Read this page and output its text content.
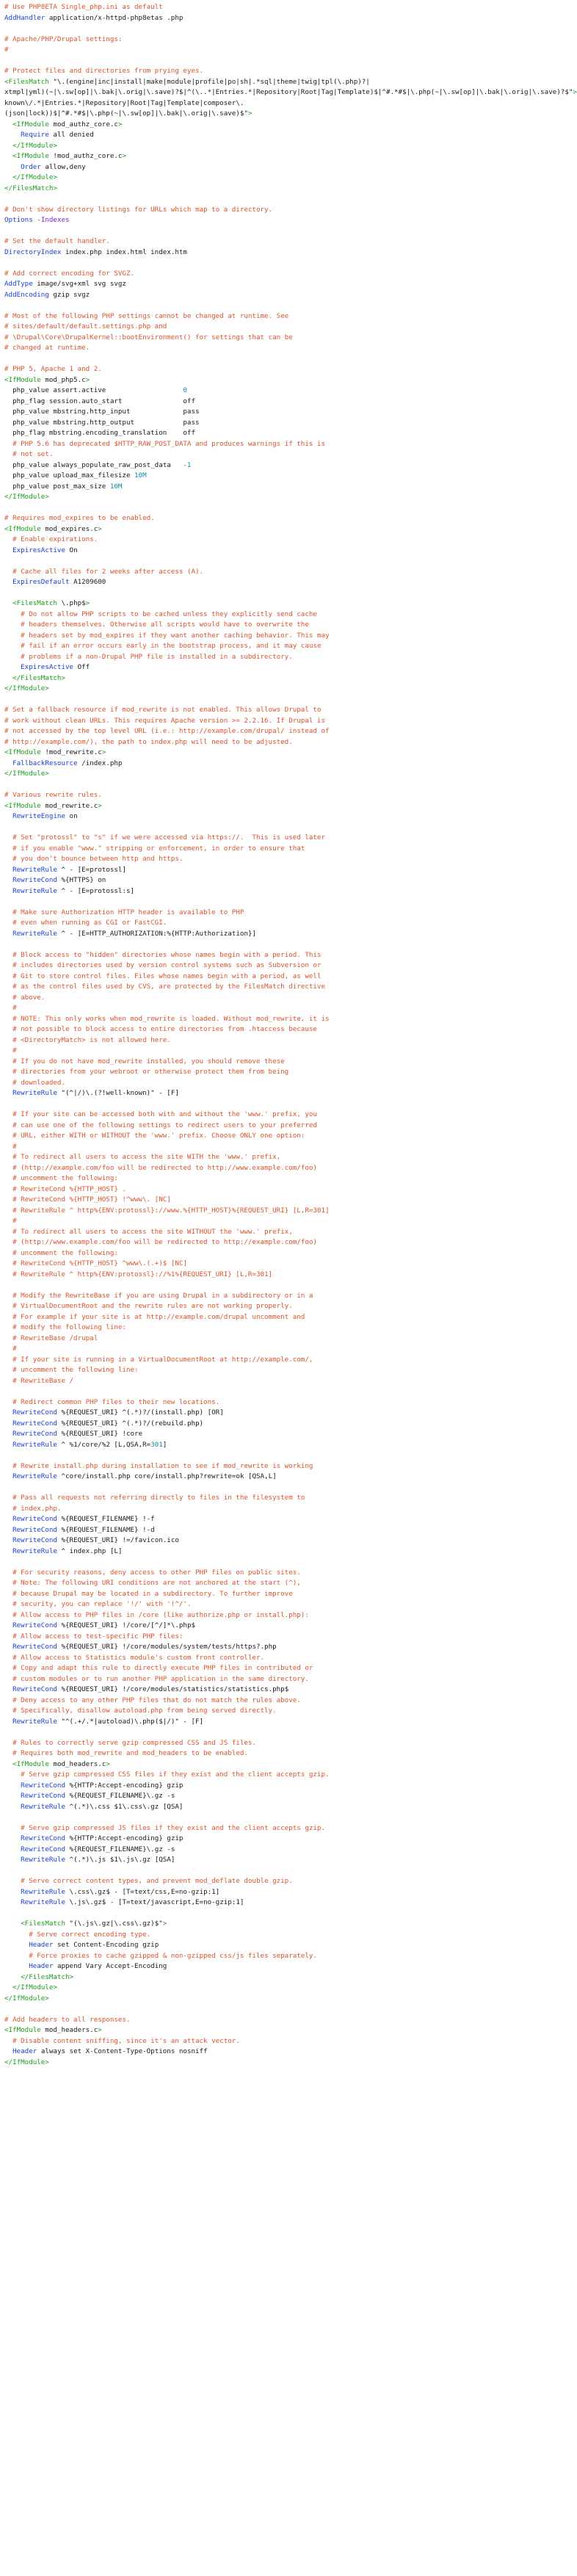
# Use PHP8ETA Single_php.ini as default
AddHandler application/x-httpd-php8etas .php
# Apache/PHP/Drupal settings:
#
# Protect files and directories from prying eyes.
<FilesMatch "\.(engine|inc|install|make|module|profile|po|sh|.*sql|theme|twig|tpl(\.php)?|
xtmpl|yml)(~|\.sw[op]|\.bak|\.orig|\.save)?$|^(\..*|Entries.*|Repository|Root|Tag|Template)$|^#.*#$|\.php(~|\.sw[op]|\.bak|\.orig|\.save)?$">
known\/.*|Entries.*|Repository|Root|Tag|Template|composer\.
(json|lock))$|^#.*#$|\.php(~|\.sw[op]|\.bak|\.orig|\.save)$">
<IfModule mod_authz_core.c>
Require all denied
</IfModule>
<IfModule !mod_authz_core.c>
Order allow,deny
</IfModule>
</FilesMatch>
# Don't show directory listings for URLs which map to a directory.
Options -Indexes
# Set the default handler.
DirectoryIndex index.php index.html index.htm
# Add correct encoding for SVGZ.
AddType image/svg+xml svg svgz
AddEncoding gzip svgz
# Most of the following PHP settings cannot be changed at runtime. See
# sites/default/default.settings.php and
# \Drupal\Core\DrupalKernel::bootEnvironment() for settings that can be
# changed at runtime.
# PHP 5, Apache 1 and 2.
<IfModule mod_php5.c>
php_value assert.active                   0
php_flag session.auto_start               off
php_value mbstring.http_input             pass
php_value mbstring.http_output            pass
php_flag mbstring.encoding_translation    off
# PHP 5.6 has deprecated $HTTP_RAW_POST_DATA and produces warnings if this is
# not set.
php_value always_populate_raw_post_data   -1
php_value upload_max_filesize 10M
php_value post_max_size 10M
</IfModule>
# Requires mod_expires to be enabled.
<IfModule mod_expires.c>
# Enable expirations.
ExpiresActive On
# Cache all files for 2 weeks after access (A).
ExpiresDefault A1209600
<FilesMatch \.php$>
# Do not allow PHP scripts to be cached unless they explicitly send cache
# headers themselves. Otherwise all scripts would have to overwrite the
# headers set by mod_expires if they want another caching behavior. This may
# fail if an error occurs early in the bootstrap process, and it may cause
# problems if a non-Drupal PHP file is installed in a subdirectory.
ExpiresActive Off
</FilesMatch>
</IfModule>
# Set a fallback resource if mod_rewrite is not enabled. This allows Drupal to
# work without clean URLs. This requires Apache version >= 2.2.16. If Drupal is
# not accessed by the top level URL (i.e.: http://example.com/drupal/ instead of
# http://example.com/), the path to index.php will need to be adjusted.
<IfModule !mod_rewrite.c>
FallbackResource /index.php
</IfModule>
# Various rewrite rules.
<IfModule mod_rewrite.c>
RewriteEngine on
# Set "protossl" to "s" if we were accessed via https://.  This is used later
# if you enable "www." stripping or enforcement, in order to ensure that
# you don't bounce between http and https.
RewriteRule ^ - [E=protossl]
RewriteCond %{HTTPS} on
RewriteRule ^ - [E=protossl:s]
# Make sure Authorization HTTP header is available to PHP
# even when running as CGI or FastCGI.
RewriteRule ^ - [E=HTTP_AUTHORIZATION:%{HTTP:Authorization}]
# Block access to "hidden" directories whose names begin with a period. This
# includes directories used by version control systems such as Subversion or
# Git to store control files. Files whose names begin with a period, as well
# as the control files used by CVS, are protected by the FilesMatch directive
# above.
#
# NOTE: This only works when mod_rewrite is loaded. Without mod_rewrite, it is
# not possible to block access to entire directories from .htaccess because
# <DirectoryMatch> is not allowed here.
#
# If you do not have mod_rewrite installed, you should remove these
# directories from your webroot or otherwise protect them from being
# downloaded.
RewriteRule "(^|/)\.(?!well-known)" - [F]
# If your site can be accessed both with and without the 'www.' prefix, you
# can use one of the following settings to redirect users to your preferred
# URL, either WITH or WITHOUT the 'www.' prefix. Choose ONLY one option:
#
# To redirect all users to access the site WITH the 'www.' prefix,
# (http://example.com/foo will be redirected to http://www.example.com/foo)
# uncomment the following:
# RewriteCond %{HTTP_HOST} .
# RewriteCond %{HTTP_HOST} !^www\. [NC]
# RewriteRule ^ http%{ENV:protossl}://www.%{HTTP_HOST}%{REQUEST_URI} [L,R=301]
#
# To redirect all users to access the site WITHOUT the 'www.' prefix,
# (http://www.example.com/foo will be redirected to http://example.com/foo)
# uncomment the following:
# RewriteCond %{HTTP_HOST} ^www\.(.+)$ [NC]
# RewriteRule ^ http%{ENV:protossl}://%1%{REQUEST_URI} [L,R=301]
# Modify the RewriteBase if you are using Drupal in a subdirectory or in a
# VirtualDocumentRoot and the rewrite rules are not working properly.
# For example if your site is at http://example.com/drupal uncomment and
# modify the following line:
# RewriteBase /drupal
#
# If your site is running in a VirtualDocumentRoot at http://example.com/,
# uncomment the following line:
# RewriteBase /
# Redirect common PHP files to their new locations.
RewriteCond %{REQUEST_URI} ^(.*)?/(install.php) [OR]
RewriteCond %{REQUEST_URI} ^(.*)?/(rebuild.php)
RewriteCond %{REQUEST_URI} !core
RewriteRule ^ %1/core/%2 [L,QSA,R=301]
# Rewrite install.php during installation to see if mod_rewrite is working
RewriteRule ^core/install.php core/install.php?rewrite=ok [QSA,L]
# Pass all requests not referring directly to files in the filesystem to
# index.php.
RewriteCond %{REQUEST_FILENAME} !-f
RewriteCond %{REQUEST_FILENAME} !-d
RewriteCond %{REQUEST_URI} !=/favicon.ico
RewriteRule ^ index.php [L]
# For security reasons, deny access to other PHP files on public sites.
# Note: The following URI conditions are not anchored at the start (^),
# because Drupal may be located in a subdirectory. To further improve
# security, you can replace '!/' with '!^/'.
# Allow access to PHP files in /core (like authorize.php or install.php):
RewriteCond %{REQUEST_URI} !/core/[^/]*\.php$
# Allow access to test-specific PHP files:
RewriteCond %{REQUEST_URI} !/core/modules/system/tests/https?.php
# Allow access to Statistics module's custom front controller.
# Copy and adapt this rule to directly execute PHP files in contributed or
# custom modules or to run another PHP application in the same directory.
RewriteCond %{REQUEST_URI} !/core/modules/statistics/statistics.php$
# Deny access to any other PHP files that do not match the rules above.
# Specifically, disallow autoload.php from being served directly.
RewriteRule "^(.+/.*|autoload)\.php($|/)" - [F]
# Rules to correctly serve gzip compressed CSS and JS files.
# Requires both mod_rewrite and mod_headers to be enabled.
<IfModule mod_headers.c>
# Serve gzip compressed CSS files if they exist and the client accepts gzip.
RewriteCond %{HTTP:Accept-encoding} gzip
RewriteCond %{REQUEST_FILENAME}\.gz -s
RewriteRule ^(.*)\.css $1\.css\.gz [QSA]
# Serve gzip compressed JS files if they exist and the client accepts gzip.
RewriteCond %{HTTP:Accept-encoding} gzip
RewriteCond %{REQUEST_FILENAME}\.gz -s
RewriteRule ^(.*)\.js $1\.js\.gz [QSA]
# Serve correct content types, and prevent mod_deflate double gzip.
RewriteRule \.css\.gz$ - [T=text/css,E=no-gzip:1]
RewriteRule \.js\.gz$ - [T=text/javascript,E=no-gzip:1]
<FilesMatch "(\.js\.gz|\.css\.gz)$">
# Serve correct encoding type.
Header set Content-Encoding gzip
# Force proxies to cache gzipped & non-gzipped css/js files separately.
Header append Vary Accept-Encoding
</FilesMatch>
</IfModule>
</IfModule>
# Add headers to all responses.
<IfModule mod_headers.c>
# Disable content sniffing, since it's an attack vector.
Header always set X-Content-Type-Options nosniff
</IfModule>
